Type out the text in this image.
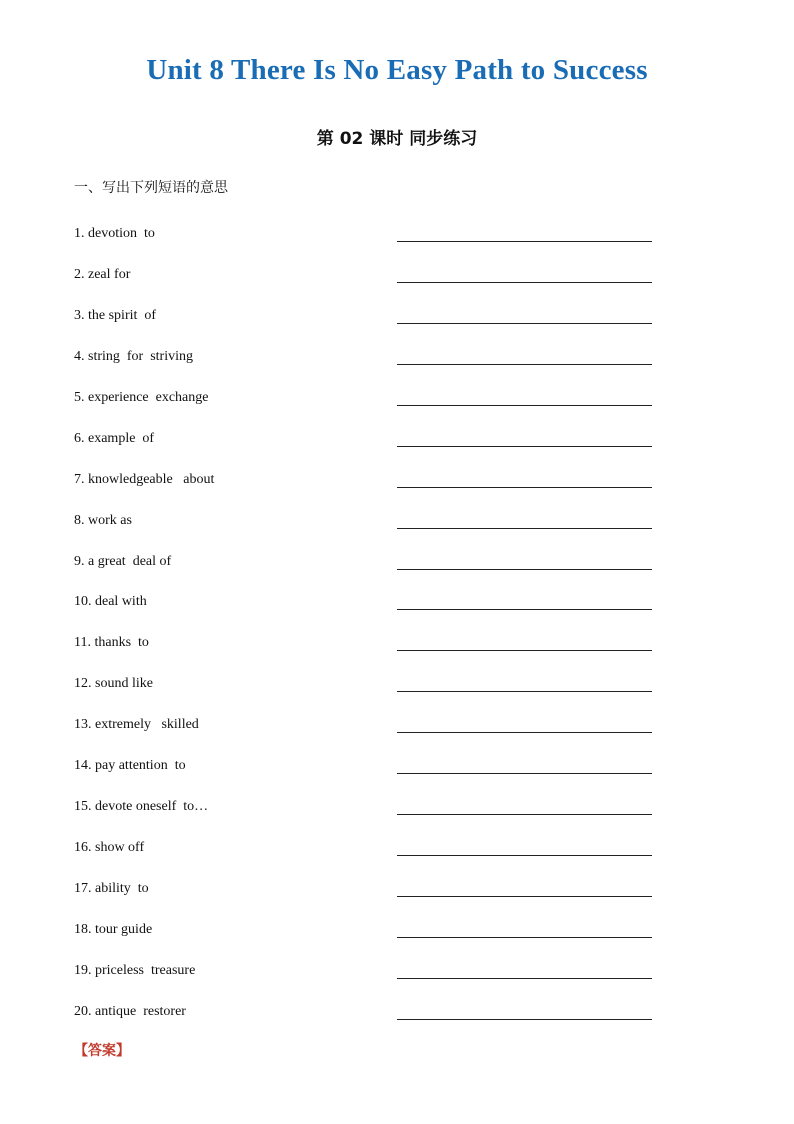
Unit 8 There Is No Easy Path to Success
第 02 课时 同步练习
一、写出下列短语的意思
1. devotion  to
2. zeal for
3. the spirit  of
4. string  for  striving
5. experience  exchange
6. example  of
7. knowledgeable   about
8. work as
9. a great  deal of
10. deal with
11. thanks  to
12. sound like
13. extremely   skilled
14. pay attention  to
15. devote oneself  to…
16. show off
17. ability  to
18. tour guide
19. priceless  treasure
20. antique  restorer
【答案】
